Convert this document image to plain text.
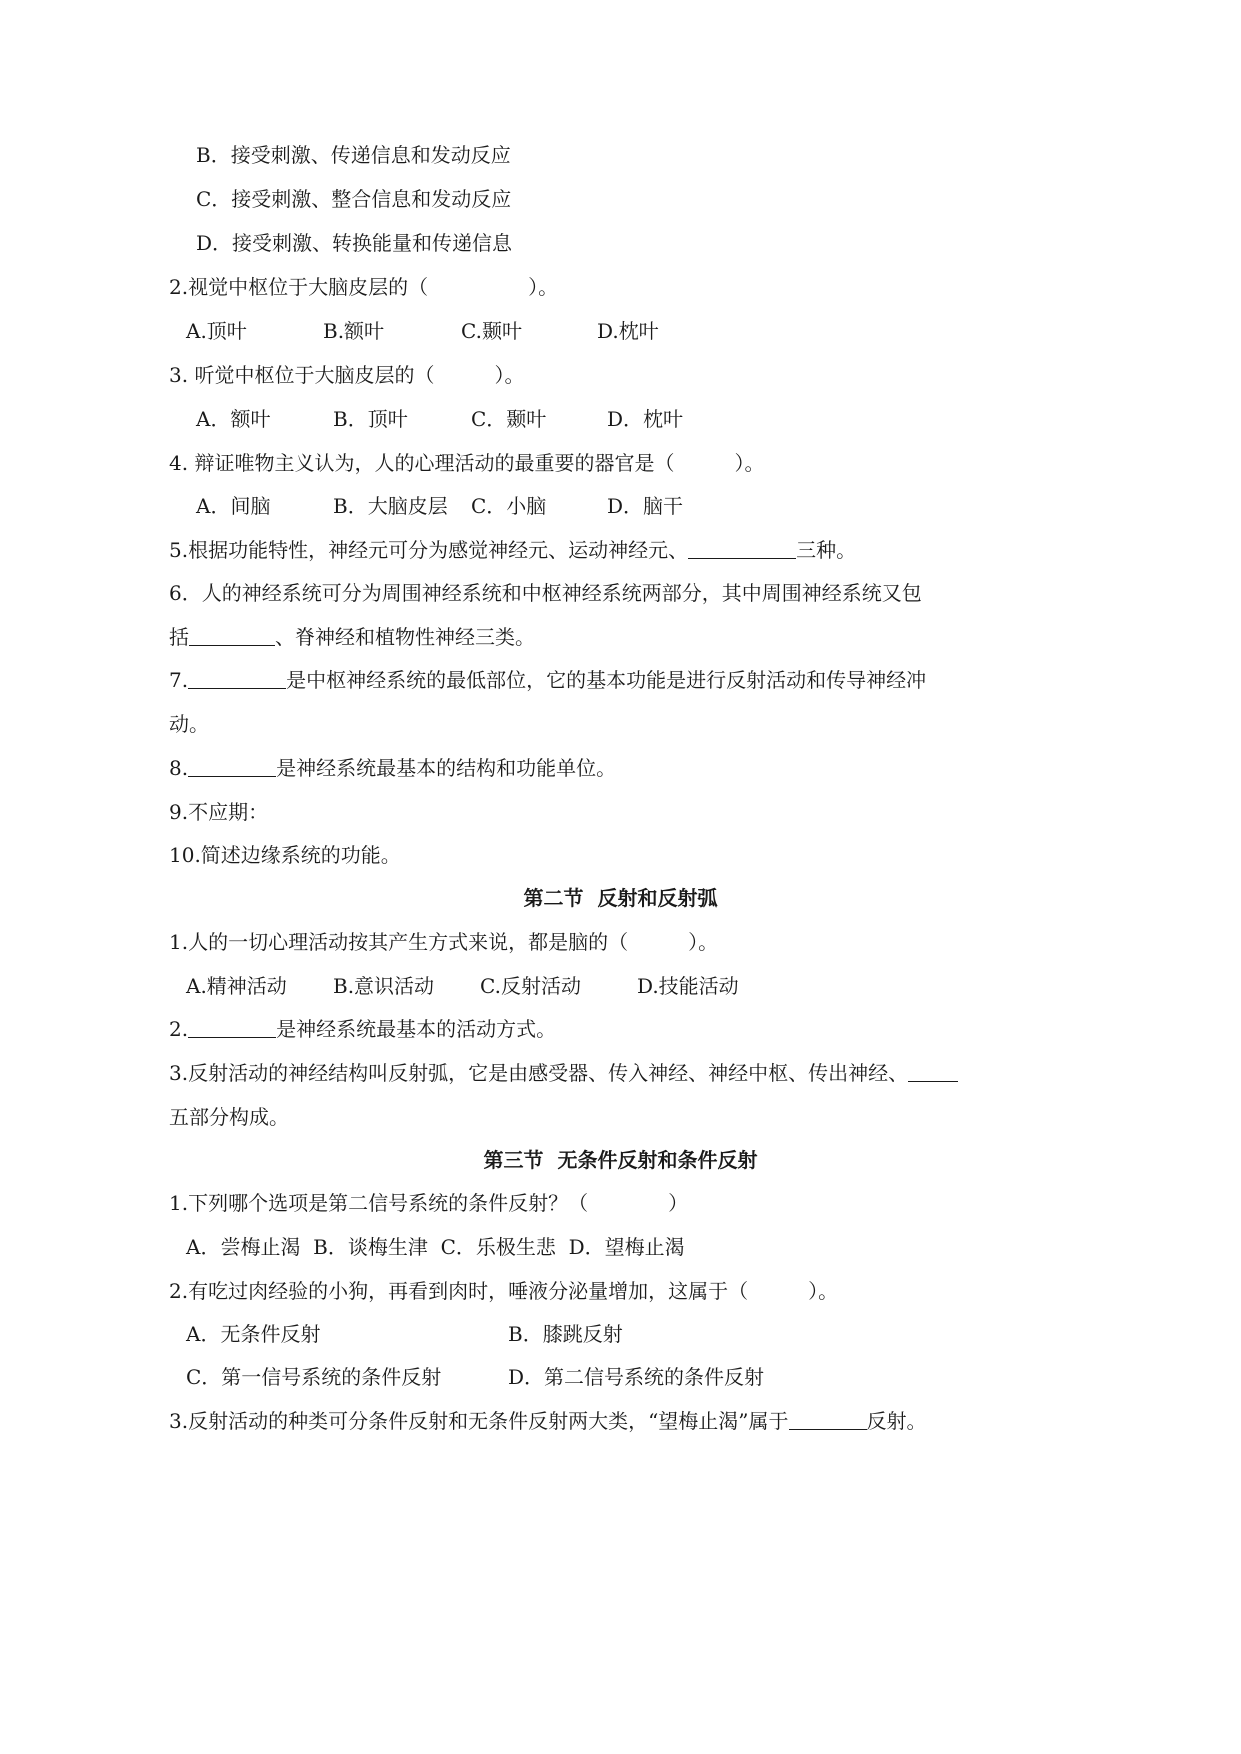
B．接受刺激、传递信息和发动反应
C．接受刺激、整合信息和发动反应
D．接受刺激、转换能量和传递信息
2.视觉中枢位于大脑皮层的（　　　　　）。

A.顶叶

	B.额叶

	C.颞叶

	D.枕叶

3. 听觉中枢位于大脑皮层的（　　　）。

A．额叶

	B．顶叶

	C．颞叶

	D．枕叶

4. 辩证唯物主义认为，人的心理活动的最重要的器官是（　　　）。

A．间脑

	B．大脑皮层

C．小脑

	D．脑干

5.根据功能特性，神经元可分为感觉神经元、运动神经元、	三种。
6．人的神经系统可分为周围神经系统和中枢神经系统两部分，其中周围神经系统又包
括	、脊神经和植物性神经三类。
7.	是中枢神经系统的最低部位，它的基本功能是进行反射活动和传导神经冲
动。
8.	是神经系统最基本的结构和功能单位。
9.不应期：
10.简述边缘系统的功能。
第二节  反射和反射弧
1.人的一切心理活动按其产生方式来说，都是脑的（　　　）。

A.精神活动

B.意识活动

C.反射活动

	D.技能活动

2.	是神经系统最基本的活动方式。
3.反射活动的神经结构叫反射弧，它是由感受器、传入神经、神经中枢、传出神经、
五部分构成。
第三节  无条件反射和条件反射
1.下列哪个选项是第二信号系统的条件反射？（　　　　）
A．尝梅止渴  B．谈梅生津  C．乐极生悲  D．望梅止渴
2.有吃过肉经验的小狗，再看到肉时，唾液分泌量增加，这属于（　　　）。

A．无条件反射

	B．膝跳反射

C．第一信号系统的条件反射

	D．第二信号系统的条件反射

3.反射活动的种类可分条件反射和无条件反射两大类，“望梅止渴”属于	反射。
